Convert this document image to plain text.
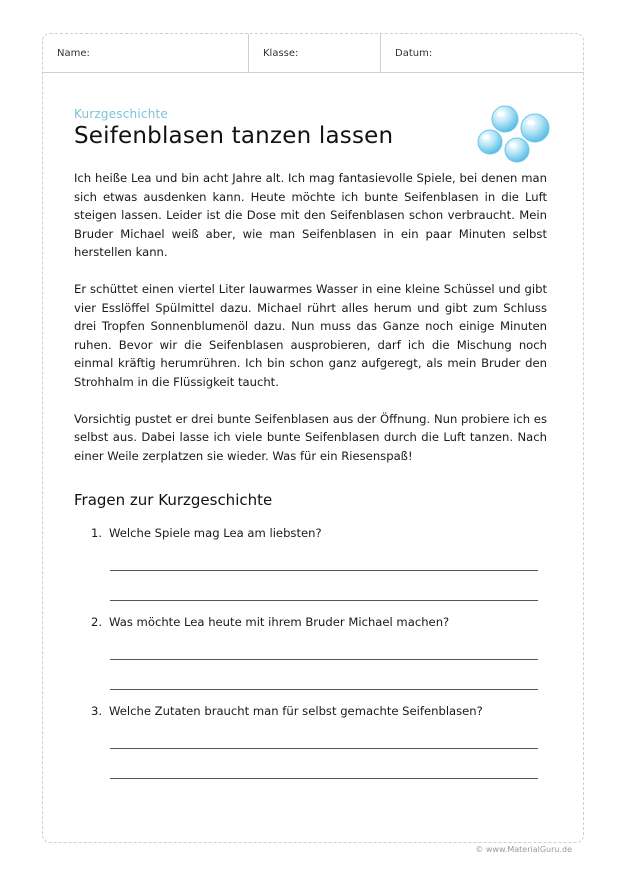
Name:	Klasse:	Datum:
Kurzgeschichte
Seifenblasen tanzen lassen

Ich heiße Lea und bin acht Jahre alt. Ich mag fantasievolle Spiele, bei denen man sich etwas ausdenken kann. Heute möchte ich bunte Seifenblasen in die Luft steigen lassen. Leider ist die Dose mit den Seifenblasen schon verbraucht. Mein Bruder Michael weiß aber, wie man Seifenblasen in ein paar Minuten selbst herstellen kann.

Er schüttet einen viertel Liter lauwarmes Wasser in eine kleine Schüssel und gibt vier Esslöffel Spülmittel dazu. Michael rührt alles herum und gibt zum Schluss drei Tropfen Sonnenblumenöl dazu. Nun muss das Ganze noch einige Minuten ruhen. Bevor wir die Seifenblasen ausprobieren, darf ich die Mischung noch einmal kräftig herumrühren. Ich bin schon ganz aufgeregt, als mein Bruder den Strohhalm in die Flüssigkeit taucht.

Vorsichtig pustet er drei bunte Seifenblasen aus der Öffnung. Nun probiere ich es selbst aus. Dabei lasse ich viele bunte Seifenblasen durch die Luft tanzen. Nach einer Weile zerplatzen sie wieder. Was für ein Riesenspaß!

Fragen zur Kurzgeschichte
1. Welche Spiele mag Lea am liebsten?
2. Was möchte Lea heute mit ihrem Bruder Michael machen?
3. Welche Zutaten braucht man für selbst gemachte Seifenblasen?
© www.MaterialGuru.de
